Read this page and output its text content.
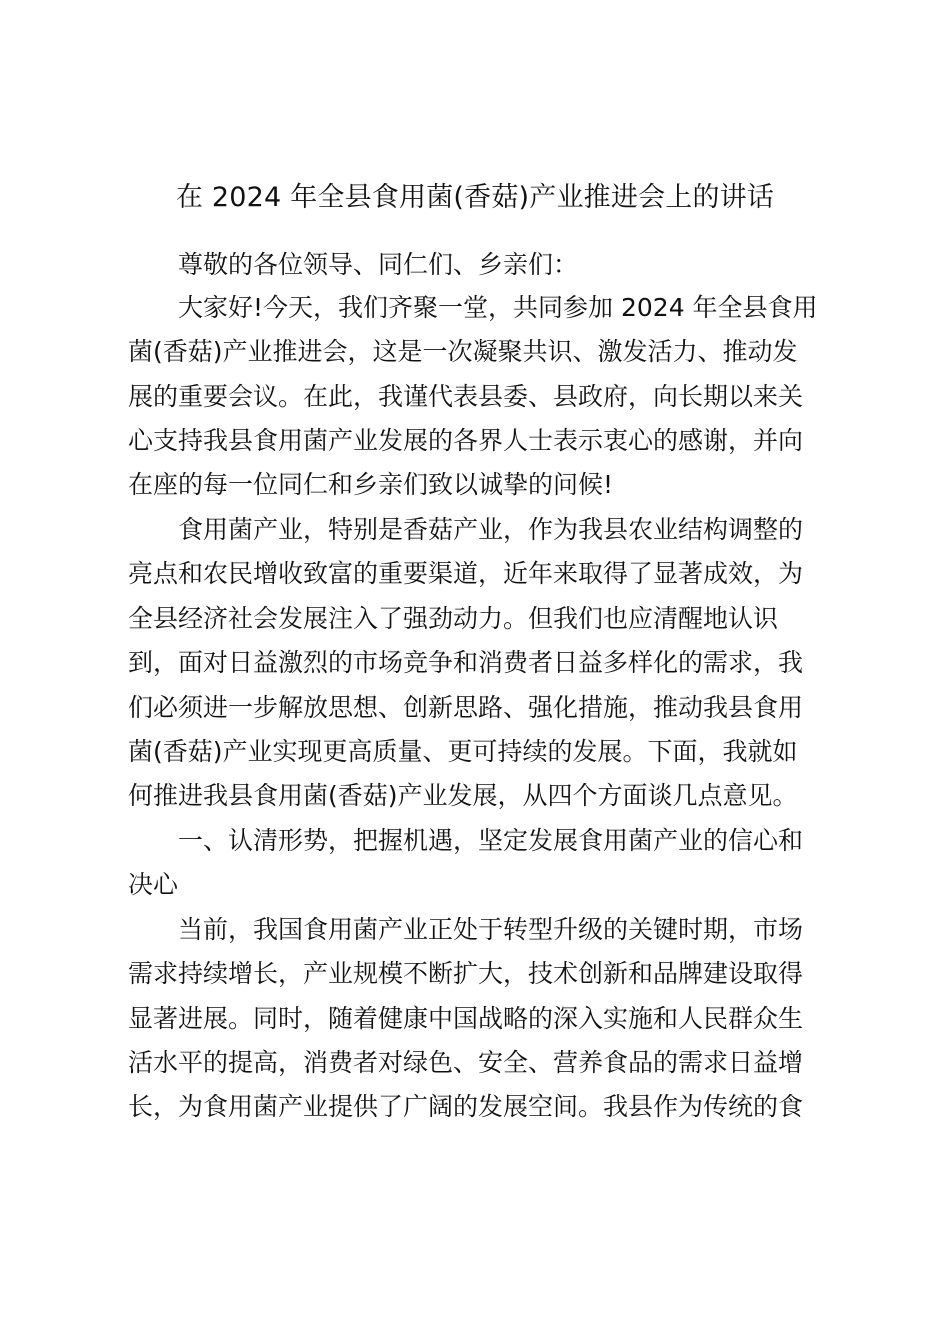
在 2024 年全县食用菌(香菇)产业推进会上的讲话
尊敬的各位领导、同仁们、乡亲们：
大家好!今天，我们齐聚一堂，共同参加 2024 年全县食用
菌(香菇)产业推进会，这是一次凝聚共识、激发活力、推动发
展的重要会议。在此，我谨代表县委、县政府，向长期以来关
心支持我县食用菌产业发展的各界人士表示衷心的感谢，并向
在座的每一位同仁和乡亲们致以诚挚的问候!
食用菌产业，特别是香菇产业，作为我县农业结构调整的
亮点和农民增收致富的重要渠道，近年来取得了显著成效，为
全县经济社会发展注入了强劲动力。但我们也应清醒地认识
到，面对日益激烈的市场竞争和消费者日益多样化的需求，我
们必须进一步解放思想、创新思路、强化措施，推动我县食用
菌(香菇)产业实现更高质量、更可持续的发展。下面，我就如
何推进我县食用菌(香菇)产业发展，从四个方面谈几点意见。
一、认清形势，把握机遇，坚定发展食用菌产业的信心和
决心
当前，我国食用菌产业正处于转型升级的关键时期，市场
需求持续增长，产业规模不断扩大，技术创新和品牌建设取得
显著进展。同时，随着健康中国战略的深入实施和人民群众生
活水平的提高，消费者对绿色、安全、营养食品的需求日益增
长，为食用菌产业提供了广阔的发展空间。我县作为传统的食
